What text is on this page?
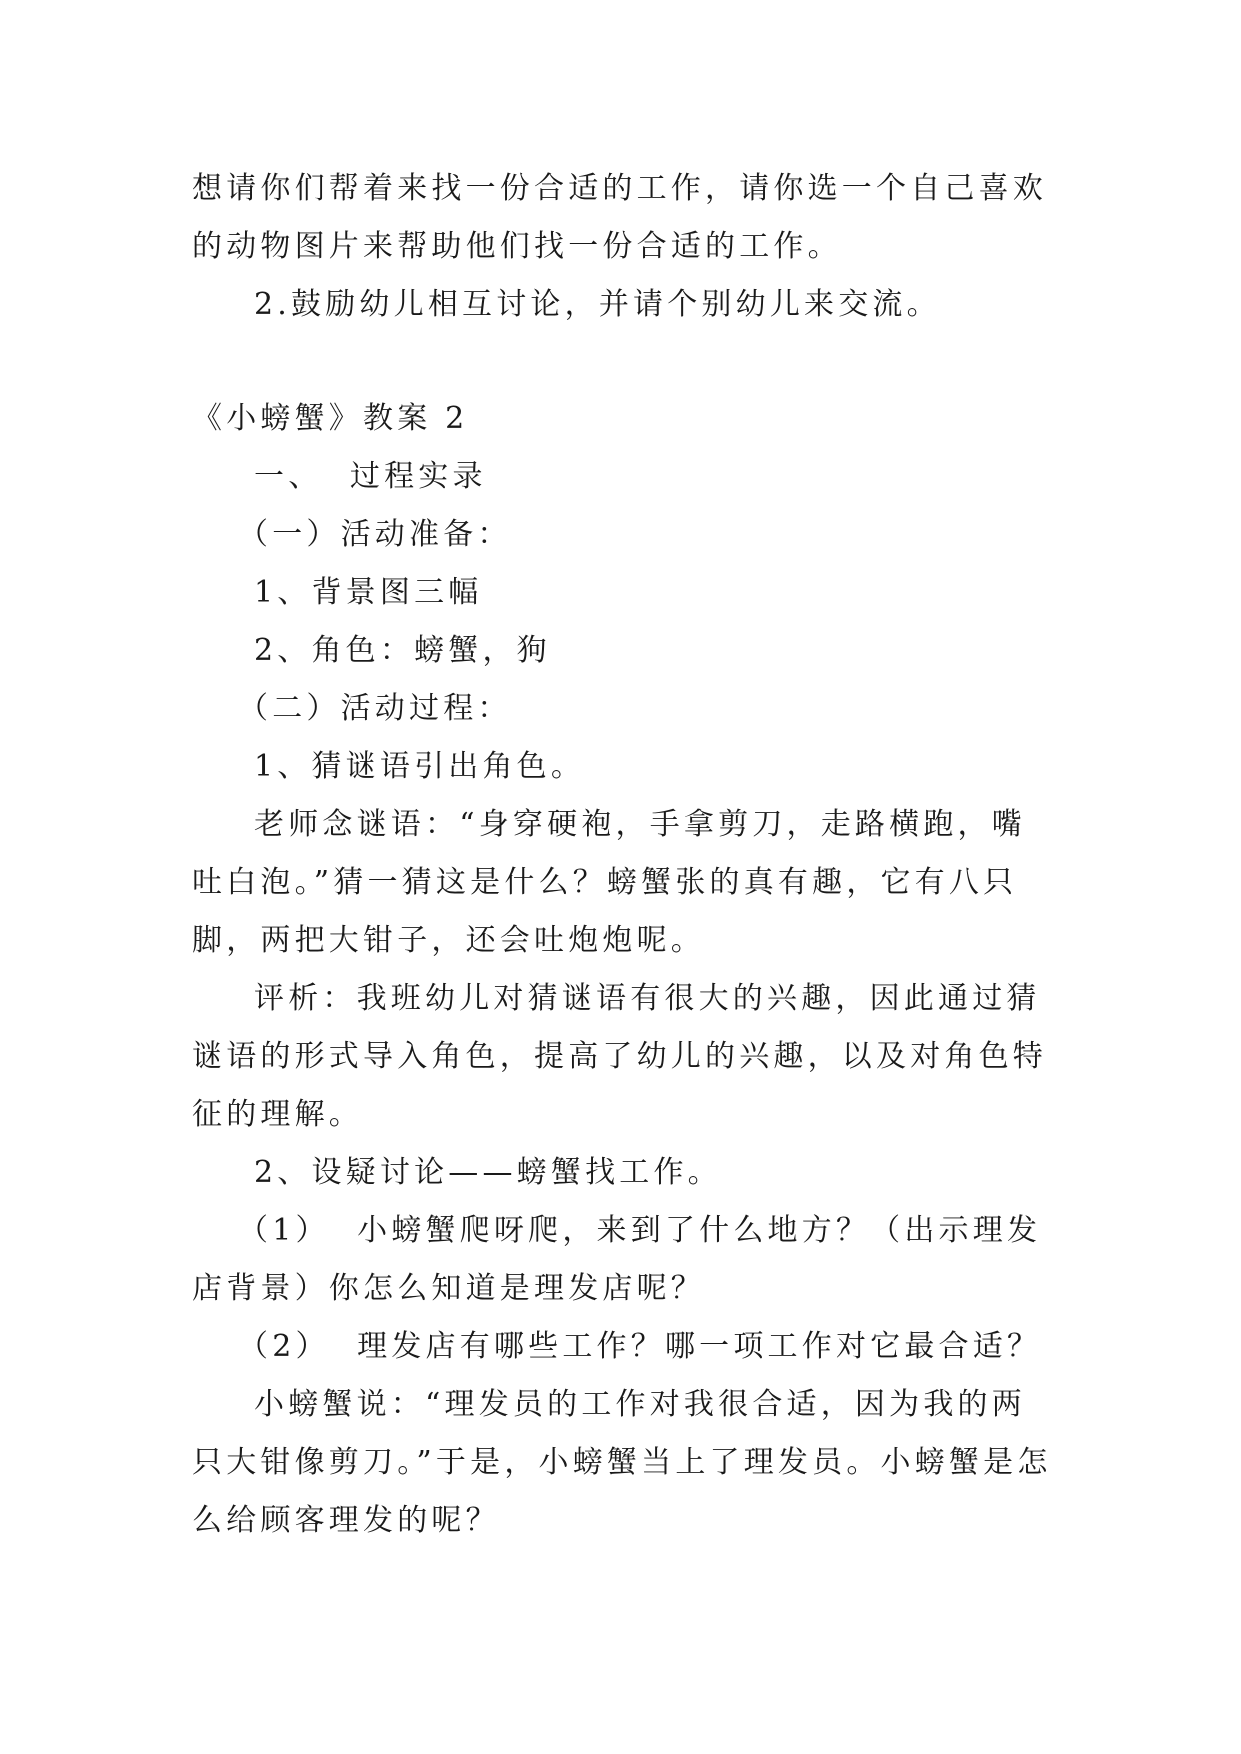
想请你们帮着来找一份合适的工作，请你选一个自己喜欢的动物图片来帮助他们找一份合适的工作。

2.鼓励幼儿相互讨论，并请个别幼儿来交流。

《小螃蟹》教案 2

一、  过程实录

（一）活动准备：

1、背景图三幅

2、角色：螃蟹，狗

（二）活动过程：

1、猜谜语引出角色。

老师念谜语：“身穿硬袍，手拿剪刀，走路横跑，嘴吐白泡。”猜一猜这是什么？螃蟹张的真有趣，它有八只脚，两把大钳子，还会吐炮炮呢。

评析：我班幼儿对猜谜语有很大的兴趣，因此通过猜谜语的形式导入角色，提高了幼儿的兴趣，以及对角色特征的理解。

2、设疑讨论——螃蟹找工作。

（1）  小螃蟹爬呀爬，来到了什么地方？（出示理发店背景）你怎么知道是理发店呢？

（2）  理发店有哪些工作？哪一项工作对它最合适？

小螃蟹说：“理发员的工作对我很合适，因为我的两只大钳像剪刀。”于是，小螃蟹当上了理发员。小螃蟹是怎么给顾客理发的呢？
